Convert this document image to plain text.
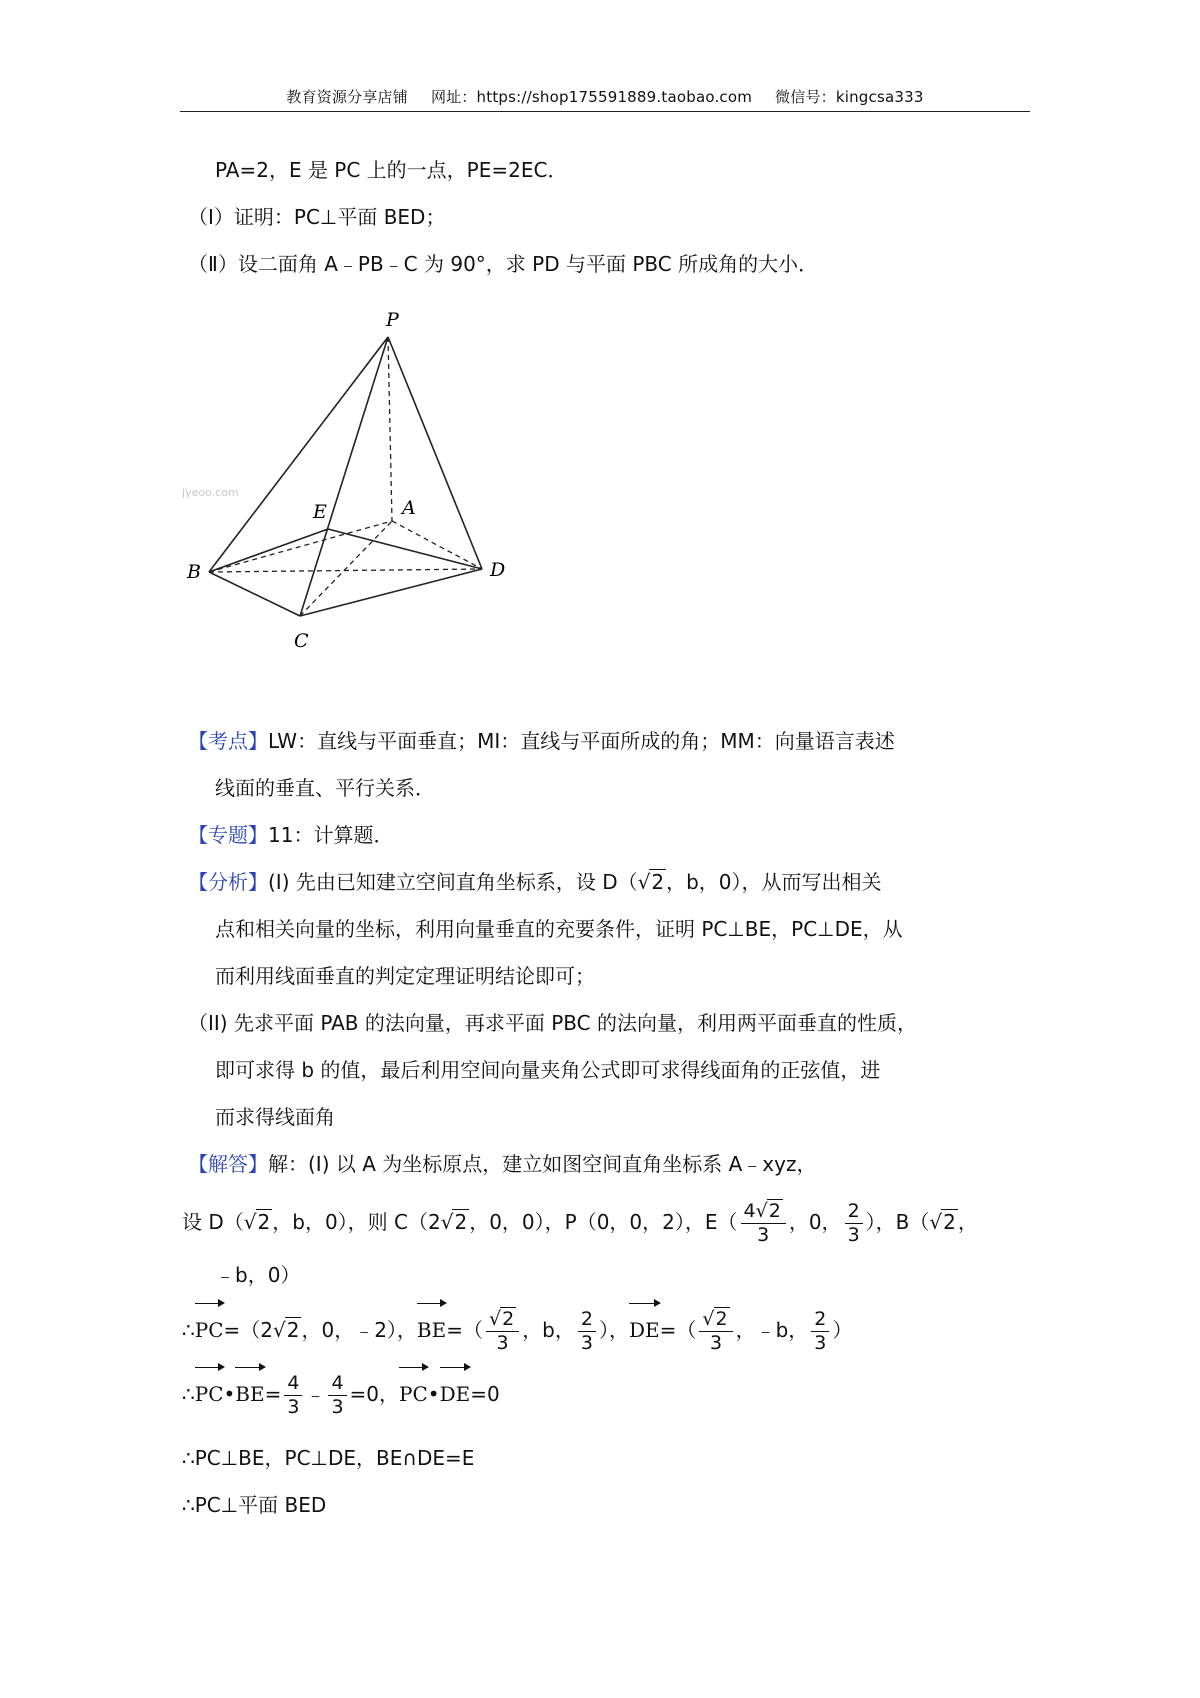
教育资源分享店铺 网址：https://shop175591889.taobao.com 微信号：kingcsa333
PA=2，E 是 PC 上的一点，PE=2EC．
（Ⅰ）证明：PC⊥平面 BED；
（Ⅱ）设二面角 A﹣PB﹣C 为 90°，求 PD 与平面 PBC 所成角的大小．
jyeoo.com
P
E	A
B	D
C
【考点】LW：直线与平面垂直；MI：直线与平面所成的角；MM：向量语言表述
线面的垂直、平行关系．
【专题】11：计算题．
【分析】(I) 先由已知建立空间直角坐标系，设 D（√2 ，b，0），从而写出相关
点和相关向量的坐标，利用向量垂直的充要条件，证明 PC⊥BE，PC⊥DE，从
而利用线面垂直的判定定理证明结论即可；
（II) 先求平面 PAB 的法向量，再求平面 PBC 的法向量，利用两平面垂直的性质，
即可求得 b 的值，最后利用空间向量夹角公式即可求得线面角的正弦值，进
而求得线面角
【解答】解：(I) 以 A 为坐标原点，建立如图空间直角坐标系 A﹣xyz，
设 D（√2 ，b，0），则 C（2√2 ，0，0），P（0，0，2），$E( \frac{4√2}{3}$ ，0， $\frac{2}{3}$ ），B（√2 ，
﹣b，0）
∴PC=（2√2 ，0，﹣2），$BE=( \frac{√2}{3}$ ，b， $\frac{2}{3}$ ），$DE=( \frac{√2}{3}$ ，﹣b， $\frac{2}{3}$ ）
∴PC•BE= $\frac{4}{3}$ ﹣ $\frac{4}{3} =0$，PC•DE=0
∴PC⊥BE，PC⊥DE，BE∩DE=E
∴PC⊥平面 BED
